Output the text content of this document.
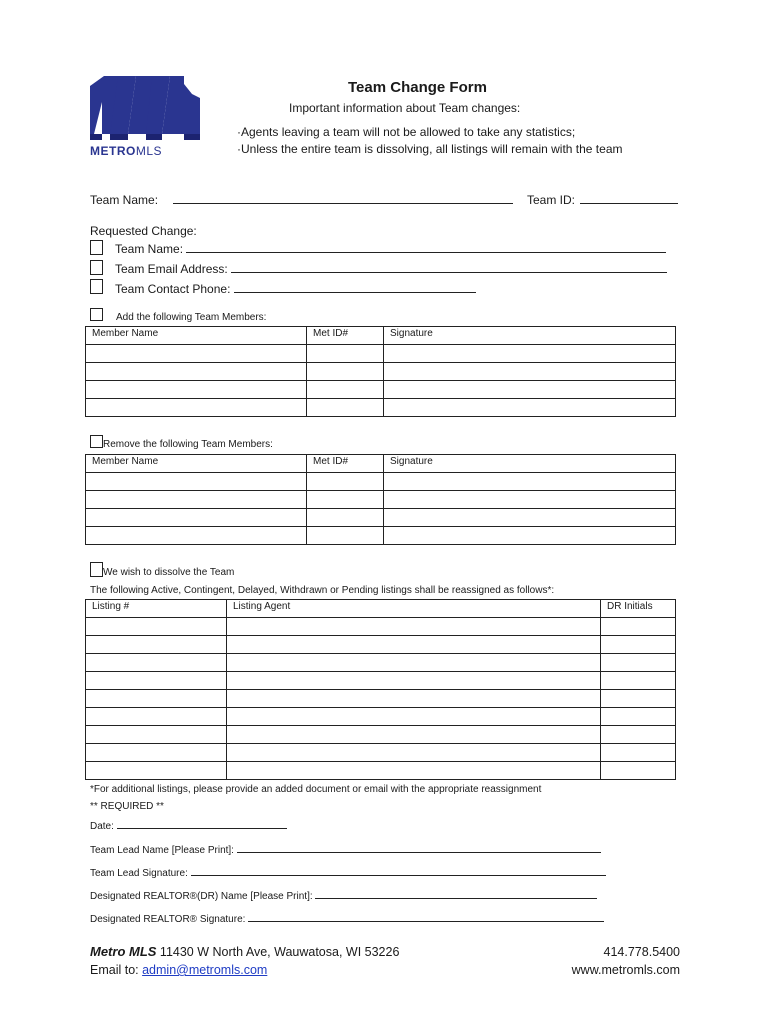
METROMLS
Team Change Form
Important information about Team changes:
·Agents leaving a team will not be allowed to take any statistics;
·Unless the entire team is dissolving, all listings will remain with the team
Team Name:	Team ID:
Requested Change:
Team Name:
Team Email Address:
Team Contact Phone:
Add the following Team Members:
Member Name	Met ID#	Signature

Remove the following Team Members:
Member Name	Met ID#	Signature

We wish to dissolve the Team
The following Active, Contingent, Delayed, Withdrawn or Pending listings shall be reassigned as follows*:
Listing #	Listing Agent	DR Initials

*For additional listings, please provide an added document or email with the appropriate reassignment
** REQUIRED **
Date:
Team Lead Name [Please Print]:
Team Lead Signature:
Designated REALTOR®(DR) Name [Please Print]:
Designated REALTOR® Signature:
Metro MLS 11430 W North Ave, Wauwatosa, WI 53226
Email to: admin@metromls.com
414.778.5400
www.metromls.com
